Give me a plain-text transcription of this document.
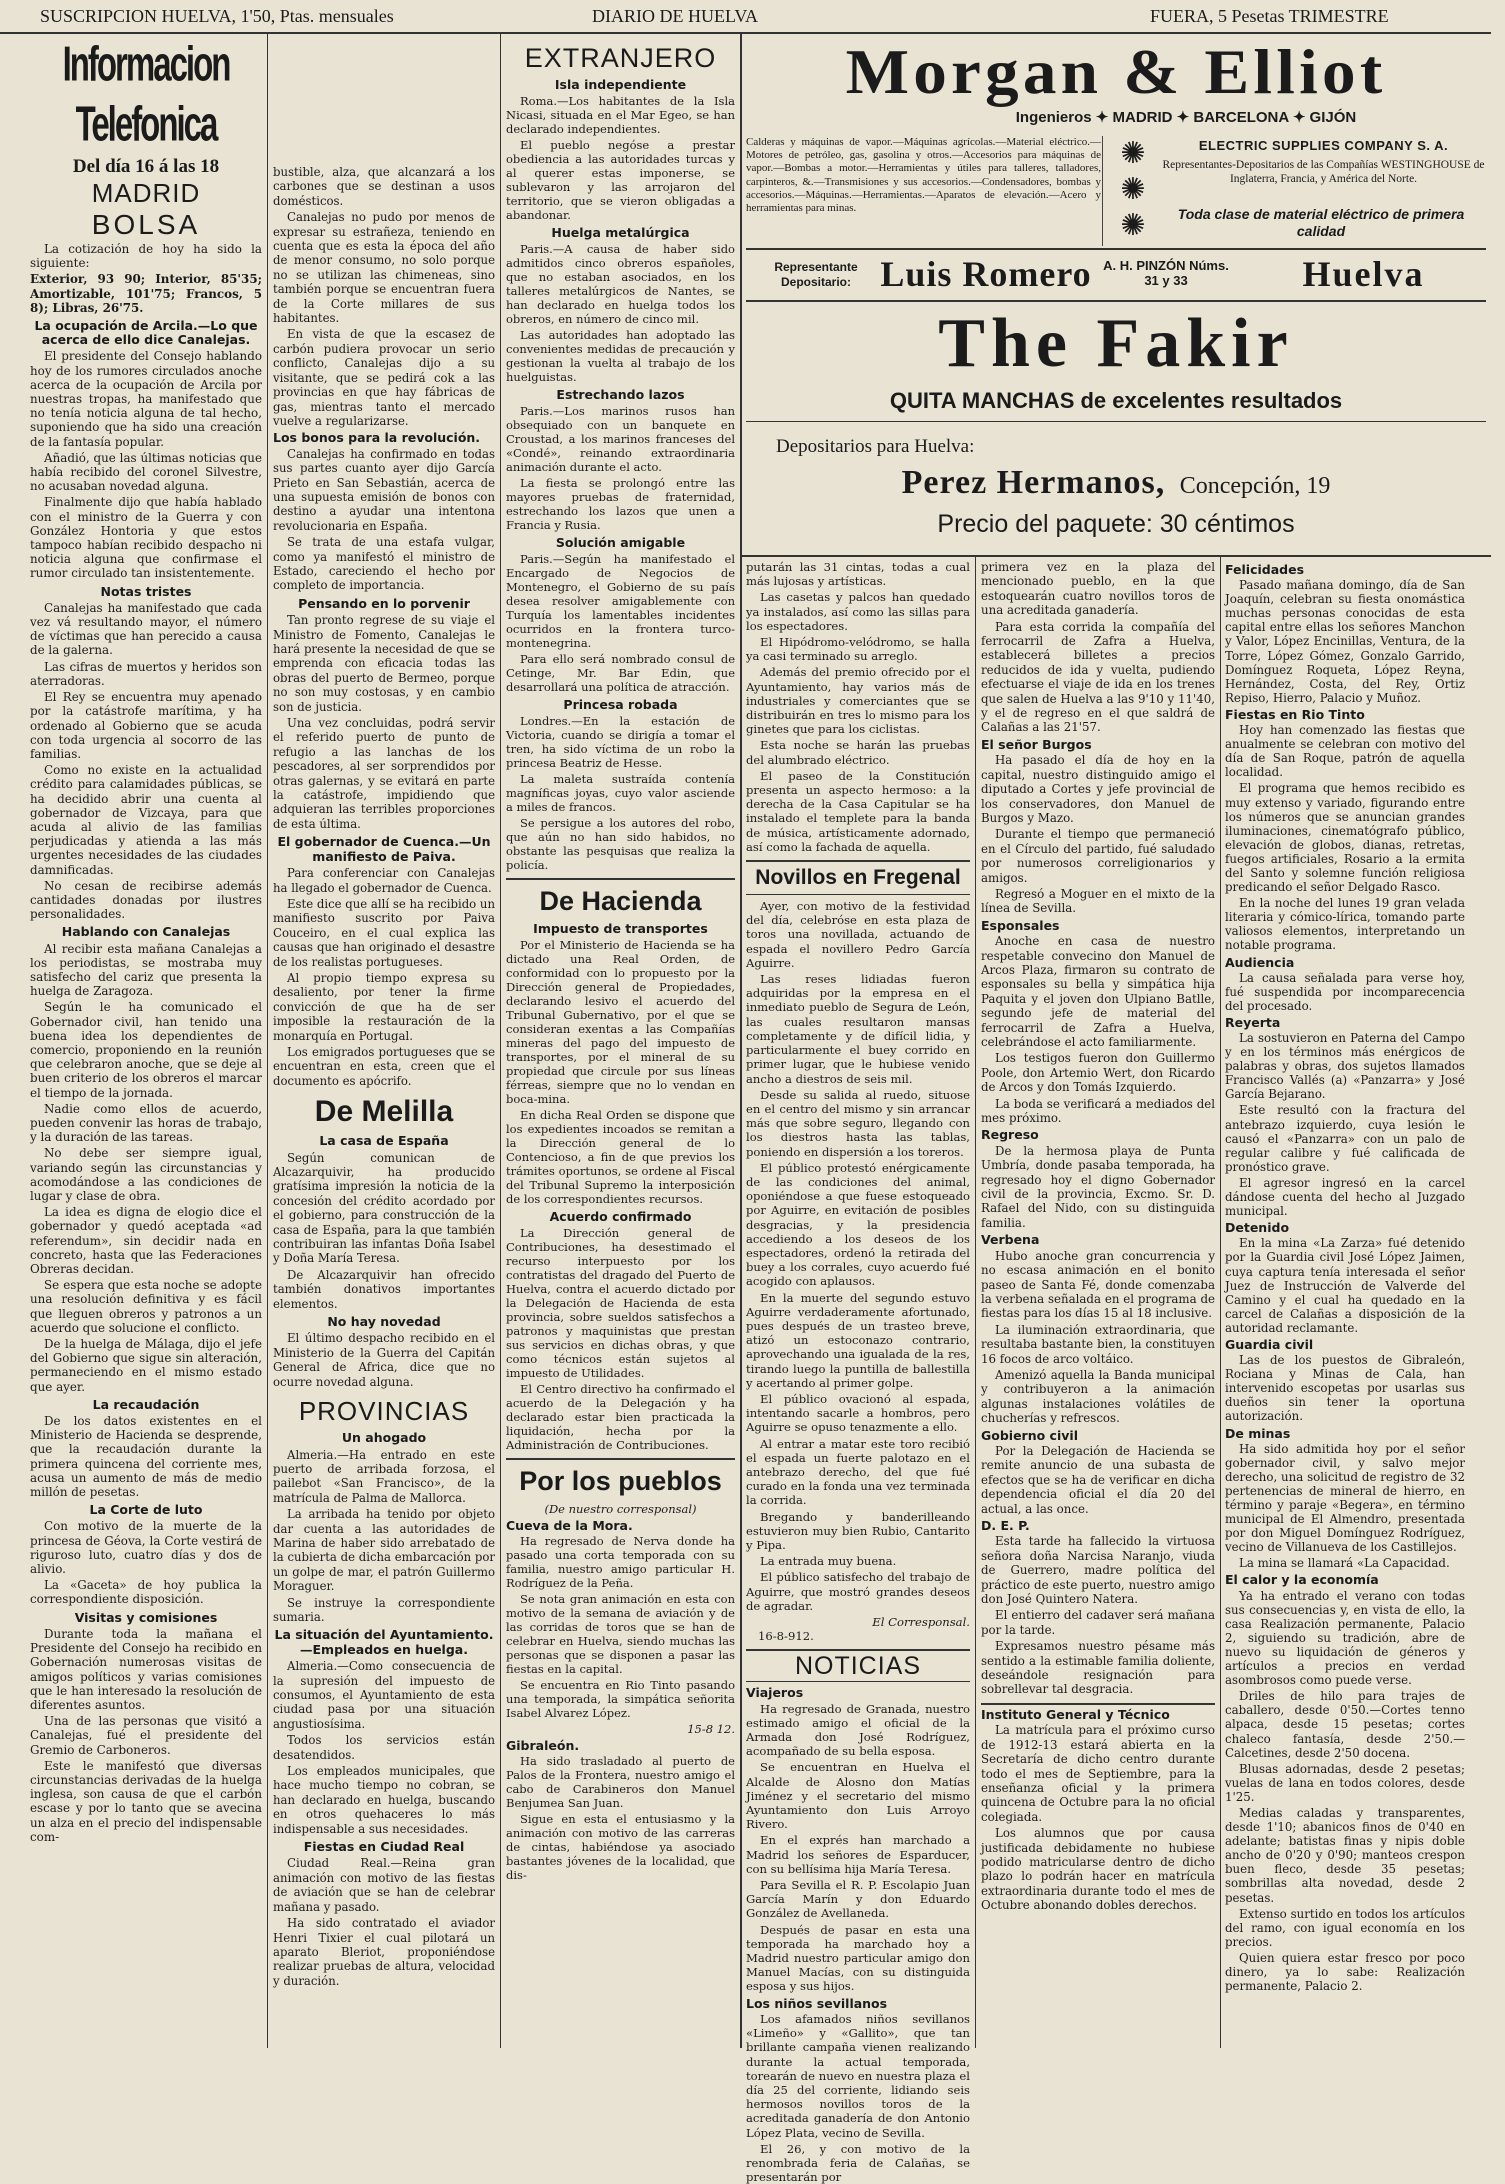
SUSCRIPCION HUELVA, 1'50, Ptas. mensuales	DIARIO DE HUELVA	FUERA, 5 Pesetas TRIMESTRE
Informacion Telefonica
Del día 16 á las 18
MADRID
BOLSA

La cotización de hoy ha sido la siguiente:

Exterior, 93 90; Interior, 85'35; Amortizable, 101'75; Francos, 5 8); Libras, 26'75.

La ocupación de Arcila.—Lo que acerca de ello dice Canalejas.

El presidente del Consejo hablando hoy de los rumores circulados anoche acerca de la ocupación de Arcila por nuestras tropas, ha manifestado que no tenía noticia alguna de tal hecho, suponiendo que ha sido una creación de la fantasía popular.

Añadió, que las últimas noticias que había recibido del coronel Silvestre, no acusaban novedad alguna.

Finalmente dijo que había hablado con el ministro de la Guerra y con González Hontoria y que estos tampoco habían recibido despacho ni noticia alguna que confirmase el rumor circulado tan insistentemente.

Notas tristes

Canalejas ha manifestado que cada vez vá resultando mayor, el número de víctimas que han perecido a causa de la galerna.

Las cifras de muertos y heridos son aterradoras.

El Rey se encuentra muy apenado por la catástrofe marítima, y ha ordenado al Gobierno que se acuda con toda urgencia al socorro de las familias.

Como no existe en la actualidad crédito para calamidades públicas, se ha decidido abrir una cuenta al gobernador de Vizcaya, para que acuda al alivio de las familias perjudicadas y atienda a las más urgentes necesidades de las ciudades damnificadas.

No cesan de recibirse además cantidades donadas por ilustres personalidades.

Hablando con Canalejas

Al recibir esta mañana Canalejas a los periodistas, se mostraba muy satisfecho del cariz que presenta la huelga de Zaragoza.

Según le ha comunicado el Gobernador civil, han tenido una buena idea los dependientes de comercio, proponiendo en la reunión que celebraron anoche, que se deje al buen criterio de los obreros el marcar el tiempo de la jornada.

Nadie como ellos de acuerdo, pueden convenir las horas de trabajo, y la duración de las tareas.

No debe ser siempre igual, variando según las circunstancias y acomodándose a las condiciones de lugar y clase de obra.

La idea es digna de elogio dice el gobernador y quedó aceptada «ad referendum», sin decidir nada en concreto, hasta que las Federaciones Obreras decidan.

Se espera que esta noche se adopte una resolución definitiva y es fácil que lleguen obreros y patronos a un acuerdo que solucione el conflicto.

De la huelga de Málaga, dijo el jefe del Gobierno que sigue sin alteración, permaneciendo en el mismo estado que ayer.

La recaudación

De los datos existentes en el Ministerio de Hacienda se desprende, que la recaudación durante la primera quincena del corriente mes, acusa un aumento de más de medio millón de pesetas.

La Corte de luto

Con motivo de la muerte de la princesa de Géova, la Corte vestirá de riguroso luto, cuatro días y dos de alivio.

La «Gaceta» de hoy publica la correspondiente disposición.

Visitas y comisiones

Durante toda la mañana el Presidente del Consejo ha recibido en Gobernación numerosas visitas de amigos políticos y varias comisiones que le han interesado la resolución de diferentes asuntos.

Una de las personas que visitó a Canalejas, fué el presidente del Gremio de Carboneros.

Este le manifestó que diversas circunstancias derivadas de la huelga inglesa, son causa de que el carbón escase y por lo tanto que se avecina un alza en el precio del indispensable com-

bustible, alza, que alcanzará a los carbones que se destinan a usos domésticos.

Canalejas no pudo por menos de expresar su estrañeza, teniendo en cuenta que es esta la época del año de menor consumo, no solo porque no se utilizan las chimeneas, sino también porque se encuentran fuera de la Corte millares de sus habitantes.

En vista de que la escasez de carbón pudiera provocar un serio conflicto, Canalejas dijo a su visitante, que se pedirá cok a las provincias en que hay fábricas de gas, mientras tanto el mercado vuelve a regularizarse.

Los bonos para la revolución.

Canalejas ha confirmado en todas sus partes cuanto ayer dijo García Prieto en San Sebastián, acerca de una supuesta emisión de bonos con destino a ayudar una intentona revolucionaria en España.

Se trata de una estafa vulgar, como ya manifestó el ministro de Estado, careciendo el hecho por completo de importancia.

Pensando en lo porvenir

Tan pronto regrese de su viaje el Ministro de Fomento, Canalejas le hará presente la necesidad de que se emprenda con eficacia todas las obras del puerto de Bermeo, porque no son muy costosas, y en cambio son de justicia.

Una vez concluidas, podrá servir el referido puerto de punto de refugio a las lanchas de los pescadores, al ser sorprendidos por otras galernas, y se evitará en parte la catástrofe, impidiendo que adquieran las terribles proporciones de esta última.

El gobernador de Cuenca.—Un manifiesto de Paiva.

Para conferenciar con Canalejas ha llegado el gobernador de Cuenca.

Este dice que allí se ha recibido un manifiesto suscrito por Paiva Couceiro, en el cual explica las causas que han originado el desastre de los realistas portugueses.

Al propio tiempo expresa su desaliento, por tener la firme convicción de que ha de ser imposible la restauración de la monarquía en Portugal.

Los emigrados portugueses que se encuentran en esta, creen que el documento es apócrifo.

De Melilla
La casa de España

Según comunican de Alcazarquivir, ha producido gratísima impresión la noticia de la concesión del crédito acordado por el gobierno, para construcción de la casa de España, para la que también contribuiran las infantas Doña Isabel y Doña María Teresa.

De Alcazarquivir han ofrecido también donativos importantes elementos.

No hay novedad

El último despacho recibido en el Ministerio de la Guerra del Capitán General de Africa, dice que no ocurre novedad alguna.

PROVINCIAS
Un ahogado

Almeria.—Ha entrado en este puerto de arribada forzosa, el pailebot «San Francisco», de la matrícula de Palma de Mallorca.

La arribada ha tenido por objeto dar cuenta a las autoridades de Marina de haber sido arrebatado de la cubierta de dicha embarcación por un golpe de mar, el patrón Guillermo Moraguer.

Se instruye la correspondiente sumaria.

La situación del Ayuntamiento.—Empleados en huelga.

Almeria.—Como consecuencia de la supresión del impuesto de consumos, el Ayuntamiento de esta ciudad pasa por una situación angustiosísima.

Todos los servicios están desatendidos.

Los empleados municipales, que hace mucho tiempo no cobran, se han declarado en huelga, buscando en otros quehaceres lo más indispensable a sus necesidades.

Fiestas en Ciudad Real

Ciudad Real.—Reina gran animación con motivo de las fiestas de aviación que se han de celebrar mañana y pasado.

Ha sido contratado el aviador Henri Tixier el cual pilotará un aparato Bleriot, proponiéndose realizar pruebas de altura, velocidad y duración.

EXTRANJERO
Isla independiente

Roma.—Los habitantes de la Isla Nicasi, situada en el Mar Egeo, se han declarado independientes.

El pueblo negóse a prestar obediencia a las autoridades turcas y al querer estas imponerse, se sublevaron y las arrojaron del territorio, que se vieron obligadas a abandonar.

Huelga metalúrgica

Paris.—A causa de haber sido admitidos cinco obreros españoles, que no estaban asociados, en los talleres metalúrgicos de Nantes, se han declarado en huelga todos los obreros, en número de cinco mil.

Las autoridades han adoptado las convenientes medidas de precaución y gestionan la vuelta al trabajo de los huelguistas.

Estrechando lazos

Paris.—Los marinos rusos han obsequiado con un banquete en Croustad, a los marinos franceses del «Condé», reinando extraordinaria animación durante el acto.

La fiesta se prolongó entre las mayores pruebas de fraternidad, estrechando los lazos que unen a Francia y Rusia.

Solución amigable

Paris.—Según ha manifestado el Encargado de Negocios de Montenegro, el Gobierno de su país desea resolver amigablemente con Turquía los lamentables incidentes ocurridos en la frontera turco-montenegrina.

Para ello será nombrado consul de Cetinge, Mr. Bar Edin, que desarrollará una política de atracción.

Princesa robada

Londres.—En la estación de Victoria, cuando se dirigía a tomar el tren, ha sido víctima de un robo la princesa Beatriz de Hesse.

La maleta sustraída contenía magníficas joyas, cuyo valor asciende a miles de francos.

Se persigue a los autores del robo, que aún no han sido habidos, no obstante las pesquisas que realiza la policía.

De Hacienda
Impuesto de transportes

Por el Ministerio de Hacienda se ha dictado una Real Orden, de conformidad con lo propuesto por la Dirección general de Propiedades, declarando lesivo el acuerdo del Tribunal Gubernativo, por el que se consideran exentas a las Compañías mineras del pago del impuesto de transportes, por el mineral de su propiedad que circule por sus líneas férreas, siempre que no lo vendan en boca-mina.

En dicha Real Orden se dispone que los expedientes incoados se remitan a la Dirección general de lo Contencioso, a fin de que previos los trámites oportunos, se ordene al Fiscal del Tribunal Supremo la interposición de los correspondientes recursos.

Acuerdo confirmado

La Dirección general de Contribuciones, ha desestimado el recurso interpuesto por los contratistas del dragado del Puerto de Huelva, contra el acuerdo dictado por la Delegación de Hacienda de esta provincia, sobre sueldos satisfechos a patronos y maquinistas que prestan sus servicios en dichas obras, y que como técnicos están sujetos al impuesto de Utilidades.

El Centro directivo ha confirmado el acuerdo de la Delegación y ha declarado estar bien practicada la liquidación, hecha por la Administración de Contribuciones.

Por los pueblos
(De nuestro corresponsal)
Cueva de la Mora.

Ha regresado de Nerva donde ha pasado una corta temporada con su familia, nuestro amigo particular H. Rodríguez de la Peña.

Se nota gran animación en esta con motivo de la semana de aviación y de las corridas de toros que se han de celebrar en Huelva, siendo muchas las personas que se disponen a pasar las fiestas en la capital.

Se encuentra en Rio Tinto pasando una temporada, la simpática señorita Isabel Alvarez López.

15-8 12.
Gibraleón.

Ha sido trasladado al puerto de Palos de la Frontera, nuestro amigo el cabo de Carabineros don Manuel Benjumea San Juan.

Sigue en esta el entusiasmo y la animación con motivo de las carreras de cintas, habiéndose ya asociado bastantes jóvenes de la localidad, que dis-

Morgan & Elliot
Ingenieros ✦ MADRID ✦ BARCELONA ✦ GIJÓN
Calderas y máquinas de vapor.—Máquinas agrícolas.—Material eléctrico.—Motores de petróleo, gas, gasolina y otros.—Accesorios para máquinas de vapor.—Bombas a motor.—Herramientas y útiles para talleres, talladores, carpinteros, &.—Transmisiones y sus accesorios.—Condensadores, bombas y accesorios.—Máquinas.—Herramientas.—Aparatos de elevación.—Acero y herramientas para minas.
✺
✺
✺
ELECTRIC SUPPLIES COMPANY S. A.
Representantes-Depositarios de las Compañías WESTINGHOUSE de Inglaterra, Francia, y América del Norte.
Toda clase de material eléctrico de primera calidad
Representante Depositario: Luis Romero A. H. PINZÓN Núms. 31 y 33	Huelva
The Fakir
QUITA MANCHAS de excelentes resultados
Depositarios para Huelva:
Perez Hermanos, Concepción, 19
Precio del paquete: 30 céntimos

putarán las 31 cintas, todas a cual más lujosas y artísticas.

Las casetas y palcos han quedado ya instalados, así como las sillas para los espectadores.

El Hipódromo-velódromo, se halla ya casi terminado su arreglo.

Además del premio ofrecido por el Ayuntamiento, hay varios más de industriales y comerciantes que se distribuirán en tres lo mismo para los ginetes que para los ciclistas.

Esta noche se harán las pruebas del alumbrado eléctrico.

El paseo de la Constitución presenta un aspecto hermoso: a la derecha de la Casa Capitular se ha instalado el templete para la banda de música, artísticamente adornado, así como la fachada de aquella.

Novillos en Fregenal

Ayer, con motivo de la festividad del día, celebróse en esta plaza de toros una novillada, actuando de espada el novillero Pedro García Aguirre.

Las reses lidiadas fueron adquiridas por la empresa en el inmediato pueblo de Segura de León, las cuales resultaron mansas completamente y de difícil lidia, y particularmente el buey corrido en primer lugar, que le hubiese venido ancho a diestros de seis mil.

Desde su salida al ruedo, situose en el centro del mismo y sin arrancar más que sobre seguro, llegando con los diestros hasta las tablas, poniendo en dispersión a los toreros.

El público protestó enérgicamente de las condiciones del animal, oponiéndose a que fuese estoqueado por Aguirre, en evitación de posibles desgracias, y la presidencia accediendo a los deseos de los espectadores, ordenó la retirada del buey a los corrales, cuyo acuerdo fué acogido con aplausos.

En la muerte del segundo estuvo Aguirre verdaderamente afortunado, pues después de un trasteo breve, atizó un estoconazo contrario, aprovechando una igualada de la res, tirando luego la puntilla de ballestilla y acertando al primer golpe.

El público ovacionó al espada, intentando sacarle a hombros, pero Aguirre se opuso tenazmente a ello.

Al entrar a matar este toro recibió el espada un fuerte palotazo en el antebrazo derecho, del que fué curado en la fonda una vez terminada la corrida.

Bregando y banderilleando estuvieron muy bien Rubio, Cantarito y Pipa.

La entrada muy buena.

El público satisfecho del trabajo de Aguirre, que mostró grandes deseos de agradar.

El Corresponsal.
16-8-912.
NOTICIAS
Viajeros

Ha regresado de Granada, nuestro estimado amigo el oficial de la Armada don José Rodríguez, acompañado de su bella esposa.

Se encuentran en Huelva el Alcalde de Alosno don Matías Jiménez y el secretario del mismo Ayuntamiento don Luis Arroyo Rivero.

En el exprés han marchado a Madrid los señores de Esparducer, con su bellísima hija María Teresa.

Para Sevilla el R. P. Escolapio Juan García Marín y don Eduardo González de Avellaneda.

Después de pasar en esta una temporada ha marchado hoy a Madrid nuestro particular amigo don Manuel Macías, con su distinguida esposa y sus hijos.

Los niños sevillanos

Los afamados niños sevillanos «Limeño» y «Gallito», que tan brillante campaña vienen realizando durante la actual temporada, torearán de nuevo en nuestra plaza el día 25 del corriente, lidiando seis hermosos novillos toros de la acreditada ganadería de don Antonio López Plata, vecino de Sevilla.

El 26, y con motivo de la renombrada feria de Calañas, se presentarán por

primera vez en la plaza del mencionado pueblo, en la que estoquearán cuatro novillos toros de una acreditada ganadería.

Para esta corrida la compañía del ferrocarril de Zafra a Huelva, establecerá billetes a precios reducidos de ida y vuelta, pudiendo efectuarse el viaje de ida en los trenes que salen de Huelva a las 9'10 y 11'40, y el de regreso en el que saldrá de Calañas a las 21'57.

El señor Burgos

Ha pasado el día de hoy en la capital, nuestro distinguido amigo el diputado a Cortes y jefe provincial de los conservadores, don Manuel de Burgos y Mazo.

Durante el tiempo que permaneció en el Círculo del partido, fué saludado por numerosos correligionarios y amigos.

Regresó a Moguer en el mixto de la línea de Sevilla.

Esponsales

Anoche en casa de nuestro respetable convecino don Manuel de Arcos Plaza, firmaron su contrato de esponsales su bella y simpática hija Paquita y el joven don Ulpiano Batlle, segundo jefe de material del ferrocarril de Zafra a Huelva, celebrándose el acto familiarmente.

Los testigos fueron don Guillermo Poole, don Artemio Wert, don Ricardo de Arcos y don Tomás Izquierdo.

La boda se verificará a mediados del mes próximo.

Regreso

De la hermosa playa de Punta Umbría, donde pasaba temporada, ha regresado hoy el digno Gobernador civil de la provincia, Excmo. Sr. D. Rafael del Nido, con su distinguida familia.

Verbena

Hubo anoche gran concurrencia y no escasa animación en el bonito paseo de Santa Fé, donde comenzaba la verbena señalada en el programa de fiestas para los días 15 al 18 inclusive.

La iluminación extraordinaria, que resultaba bastante bien, la constituyen 16 focos de arco voltáico.

Amenizó aquella la Banda municipal y contribuyeron a la animación algunas instalaciones volátiles de chucherías y refrescos.

Gobierno civil

Por la Delegación de Hacienda se remite anuncio de una subasta de efectos que se ha de verificar en dicha dependencia oficial el día 20 del actual, a las once.

D. E. P.

Esta tarde ha fallecido la virtuosa señora doña Narcisa Naranjo, viuda de Guerrero, madre política del práctico de este puerto, nuestro amigo don José Quintero Natera.

El entierro del cadaver será mañana por la tarde.

Expresamos nuestro pésame más sentido a la estimable familia doliente, deseándole resignación para sobrellevar tal desgracia.

Instituto General y Técnico

La matrícula para el próximo curso de 1912-13 estará abierta en la Secretaría de dicho centro durante todo el mes de Septiembre, para la enseñanza oficial y la primera quincena de Octubre para la no oficial colegiada.

Los alumnos que por causa justificada debidamente no hubiese podido matricularse dentro de dicho plazo lo podrán hacer en matrícula extraordinaria durante todo el mes de Octubre abonando dobles derechos.

Felicidades

Pasado mañana domingo, día de San Joaquín, celebran su fiesta onomástica muchas personas conocidas de esta capital entre ellas los señores Manchon y Valor, López Encinillas, Ventura, de la Torre, López Gómez, Gonzalo Garrido, Domínguez Roqueta, López Reyna, Hernández, Costa, del Rey, Ortiz Repiso, Hierro, Palacio y Muñoz.

Fiestas en Rio Tinto

Hoy han comenzado las fiestas que anualmente se celebran con motivo del día de San Roque, patrón de aquella localidad.

El programa que hemos recibido es muy extenso y variado, figurando entre los números que se anuncian grandes iluminaciones, cinematógrafo público, elevación de globos, dianas, retretas, fuegos artificiales, Rosario a la ermita del Santo y solemne función religiosa predicando el señor Delgado Rasco.

En la noche del lunes 19 gran velada literaria y cómico-lírica, tomando parte valiosos elementos, interpretando un notable programa.

Audiencia

La causa señalada para verse hoy, fué suspendida por incomparecencia del procesado.

Reyerta

La sostuvieron en Paterna del Campo y en los términos más enérgicos de palabras y obras, dos sujetos llamados Francisco Vallés (a) «Panzarra» y José García Bejarano.

Este resultó con la fractura del antebrazo izquierdo, cuya lesión le causó el «Panzarra» con un palo de regular calibre y fué calificada de pronóstico grave.

El agresor ingresó en la carcel dándose cuenta del hecho al Juzgado municipal.

Detenido

En la mina «La Zarza» fué detenido por la Guardia civil José López Jaimen, cuya captura tenía interesada el señor Juez de Instrucción de Valverde del Camino y el cual ha quedado en la carcel de Calañas a disposición de la autoridad reclamante.

Guardia civil

Las de los puestos de Gibraleón, Rociana y Minas de Cala, han intervenido escopetas por usarlas sus dueños sin tener la oportuna autorización.

De minas

Ha sido admitida hoy por el señor gobernador civil, y salvo mejor derecho, una solicitud de registro de 32 pertenencias de mineral de hierro, en término y paraje «Begera», en término municipal de El Almendro, presentada por don Miguel Domínguez Rodríguez, vecino de Villanueva de los Castillejos.

La mina se llamará «La Capacidad.

El calor y la economía

Ya ha entrado el verano con todas sus consecuencias y, en vista de ello, la casa Realización permanente, Palacio 2, siguiendo su tradición, abre de nuevo su liquidación de géneros y artículos a precios en verdad asombrosos como puede verse.

Driles de hilo para trajes de caballero, desde 0'50.—Cortes tenno alpaca, desde 15 pesetas; cortes chaleco fantasía, desde 2'50.—Calcetines, desde 2'50 docena.

Blusas adornadas, desde 2 pesetas; vuelas de lana en todos colores, desde 1'25.

Medias caladas y transparentes, desde 1'10; abanicos finos de 0'40 en adelante; batistas finas y nipis doble ancho de 0'20 y 0'90; manteos crespon buen fleco, desde 35 pesetas; sombrillas alta novedad, desde 2 pesetas.

Extenso surtido en todos los artículos del ramo, con igual economía en los precios.

Quien quiera estar fresco por poco dinero, ya lo sabe: Realización permanente, Palacio 2.
